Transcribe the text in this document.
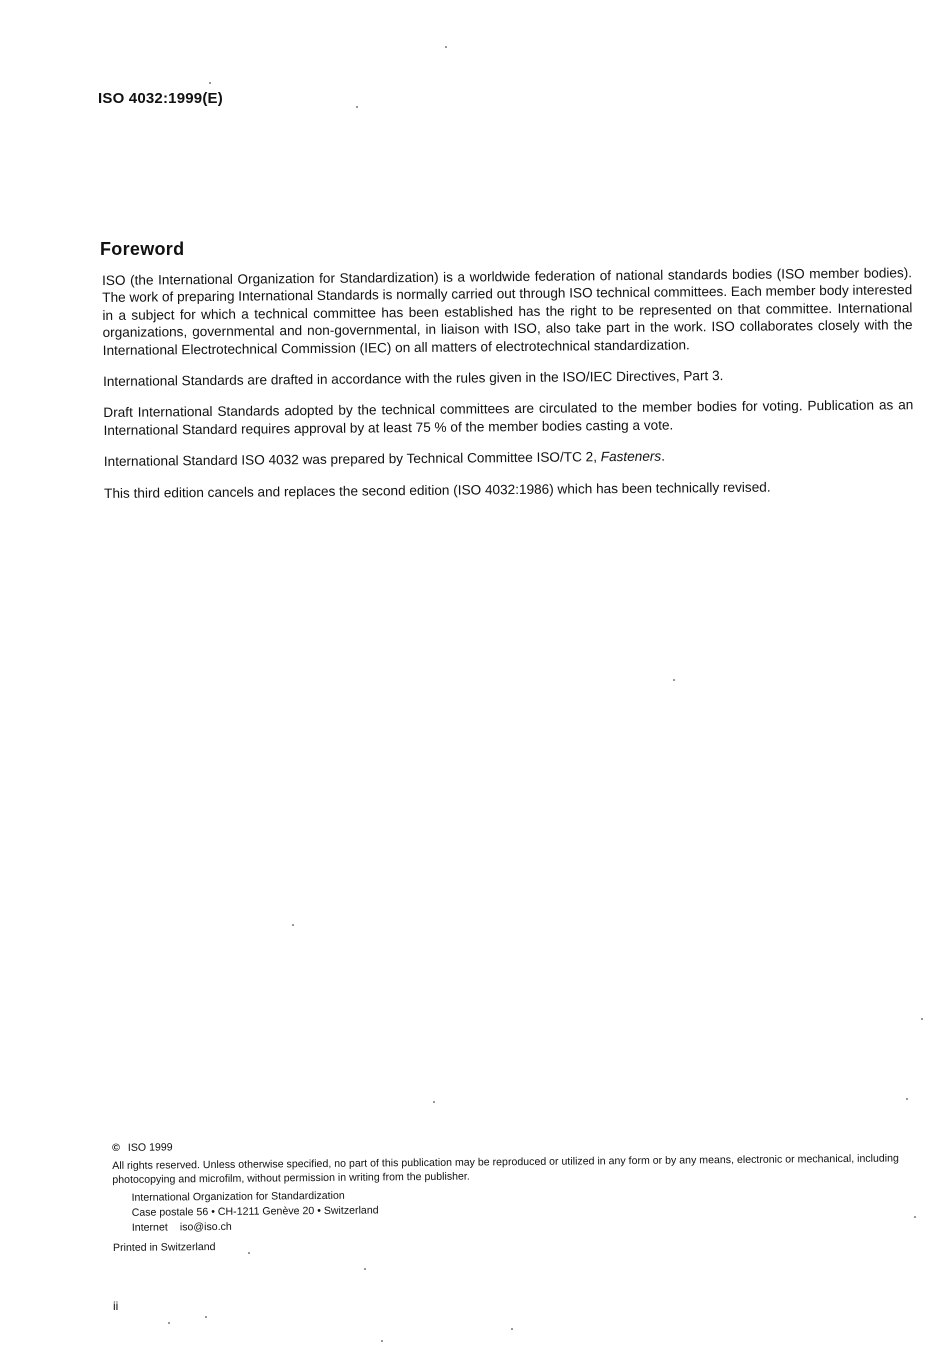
ISO 4032:1999(E)
Foreword

ISO (the International Organization for Standardization) is a worldwide federation of national standards bodies (ISO member bodies). The work of preparing International Standards is normally carried out through ISO technical committees. Each member body interested in a subject for which a technical committee has been established has the right to be represented on that committee. International organizations, governmental and non-governmental, in liaison with ISO, also take part in the work. ISO collaborates closely with the International Electrotechnical Commission (IEC) on all matters of electrotechnical standardization.

International Standards are drafted in accordance with the rules given in the ISO/IEC Directives, Part 3.

Draft International Standards adopted by the technical committees are circulated to the member bodies for voting. Publication as an International Standard requires approval by at least 75 % of the member bodies casting a vote.

International Standard ISO 4032 was prepared by Technical Committee ISO/TC 2, Fasteners.

This third edition cancels and replaces the second edition (ISO 4032:1986) which has been technically revised.

© ISO 1999
All rights reserved. Unless otherwise specified, no part of this publication may be reproduced or utilized in any form or by any means, electronic or mechanical, including photocopying and microfilm, without permission in writing from the publisher.
International Organization for Standardization
Case postale 56 • CH-1211 Genève 20 • Switzerland
Internet iso@iso.ch
Printed in Switzerland
ii
